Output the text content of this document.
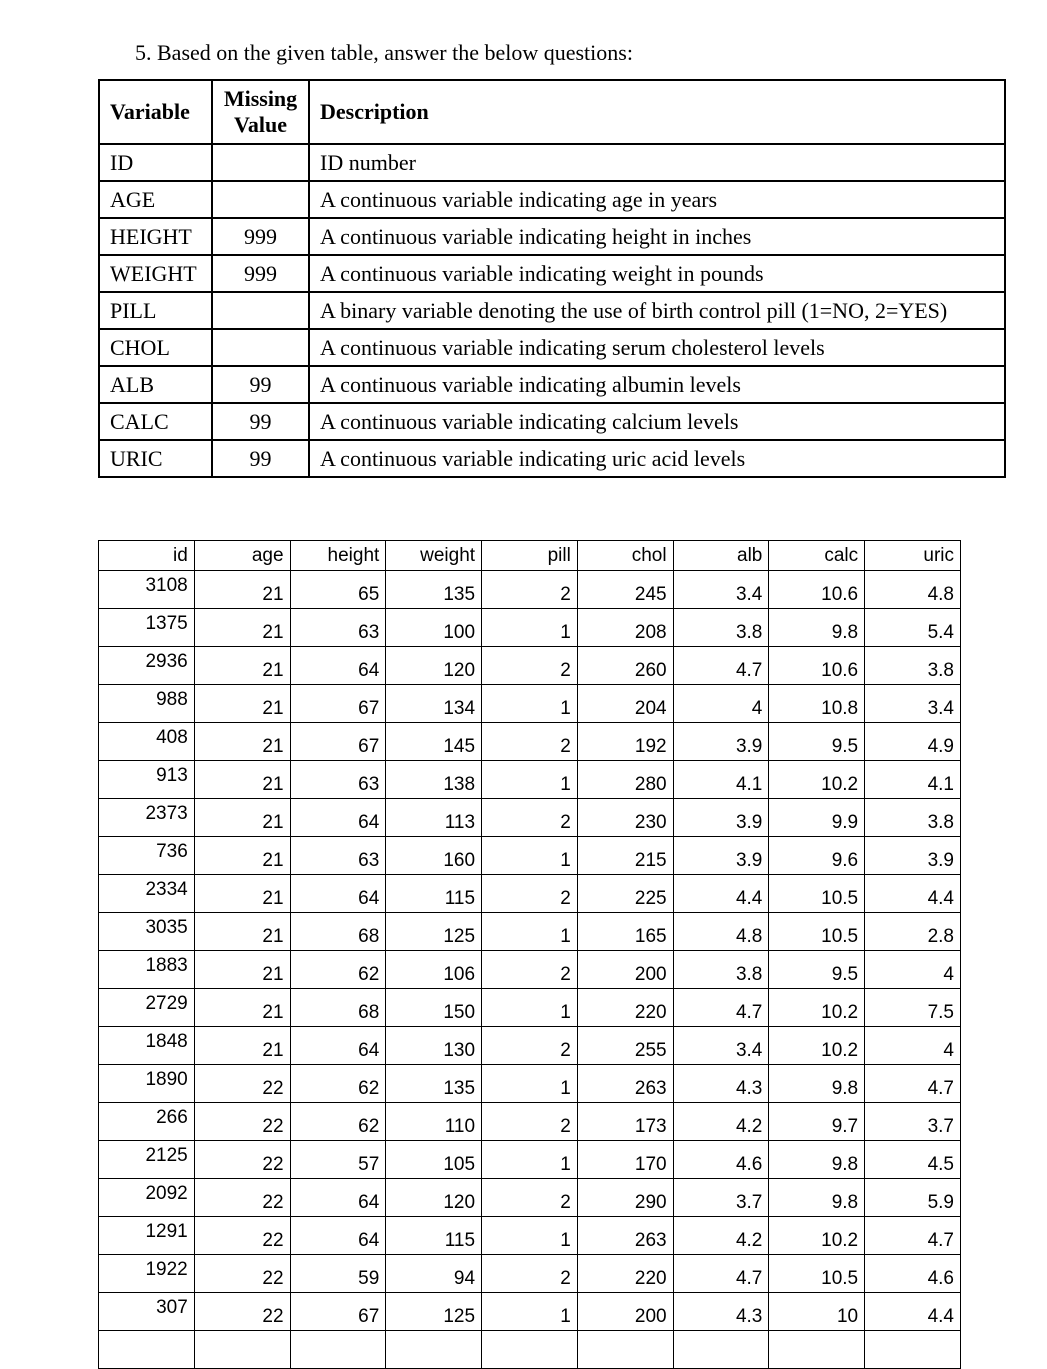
5. Based on the given table, answer the below questions:
Variable	Missing Value	Description
ID		ID number
AGE		A continuous variable indicating age in years
HEIGHT	999	A continuous variable indicating height in inches
WEIGHT	999	A continuous variable indicating weight in pounds
PILL		A binary variable denoting the use of birth control pill (1=NO, 2=YES)
CHOL		A continuous variable indicating serum cholesterol levels
ALB	99	A continuous variable indicating albumin levels
CALC	99	A continuous variable indicating calcium levels
URIC	99	A continuous variable indicating uric acid levels
id	age	height	weight	pill	chol	alb	calc	uric
3108	21	65	135	2	245	3.4	10.6	4.8
1375	21	63	100	1	208	3.8	9.8	5.4
2936	21	64	120	2	260	4.7	10.6	3.8
988	21	67	134	1	204	4	10.8	3.4
408	21	67	145	2	192	3.9	9.5	4.9
913	21	63	138	1	280	4.1	10.2	4.1
2373	21	64	113	2	230	3.9	9.9	3.8
736	21	63	160	1	215	3.9	9.6	3.9
2334	21	64	115	2	225	4.4	10.5	4.4
3035	21	68	125	1	165	4.8	10.5	2.8
1883	21	62	106	2	200	3.8	9.5	4
2729	21	68	150	1	220	4.7	10.2	7.5
1848	21	64	130	2	255	3.4	10.2	4
1890	22	62	135	1	263	4.3	9.8	4.7
266	22	62	110	2	173	4.2	9.7	3.7
2125	22	57	105	1	170	4.6	9.8	4.5
2092	22	64	120	2	290	3.7	9.8	5.9
1291	22	64	115	1	263	4.2	10.2	4.7
1922	22	59	94	2	220	4.7	10.5	4.6
307	22	67	125	1	200	4.3	10	4.4
